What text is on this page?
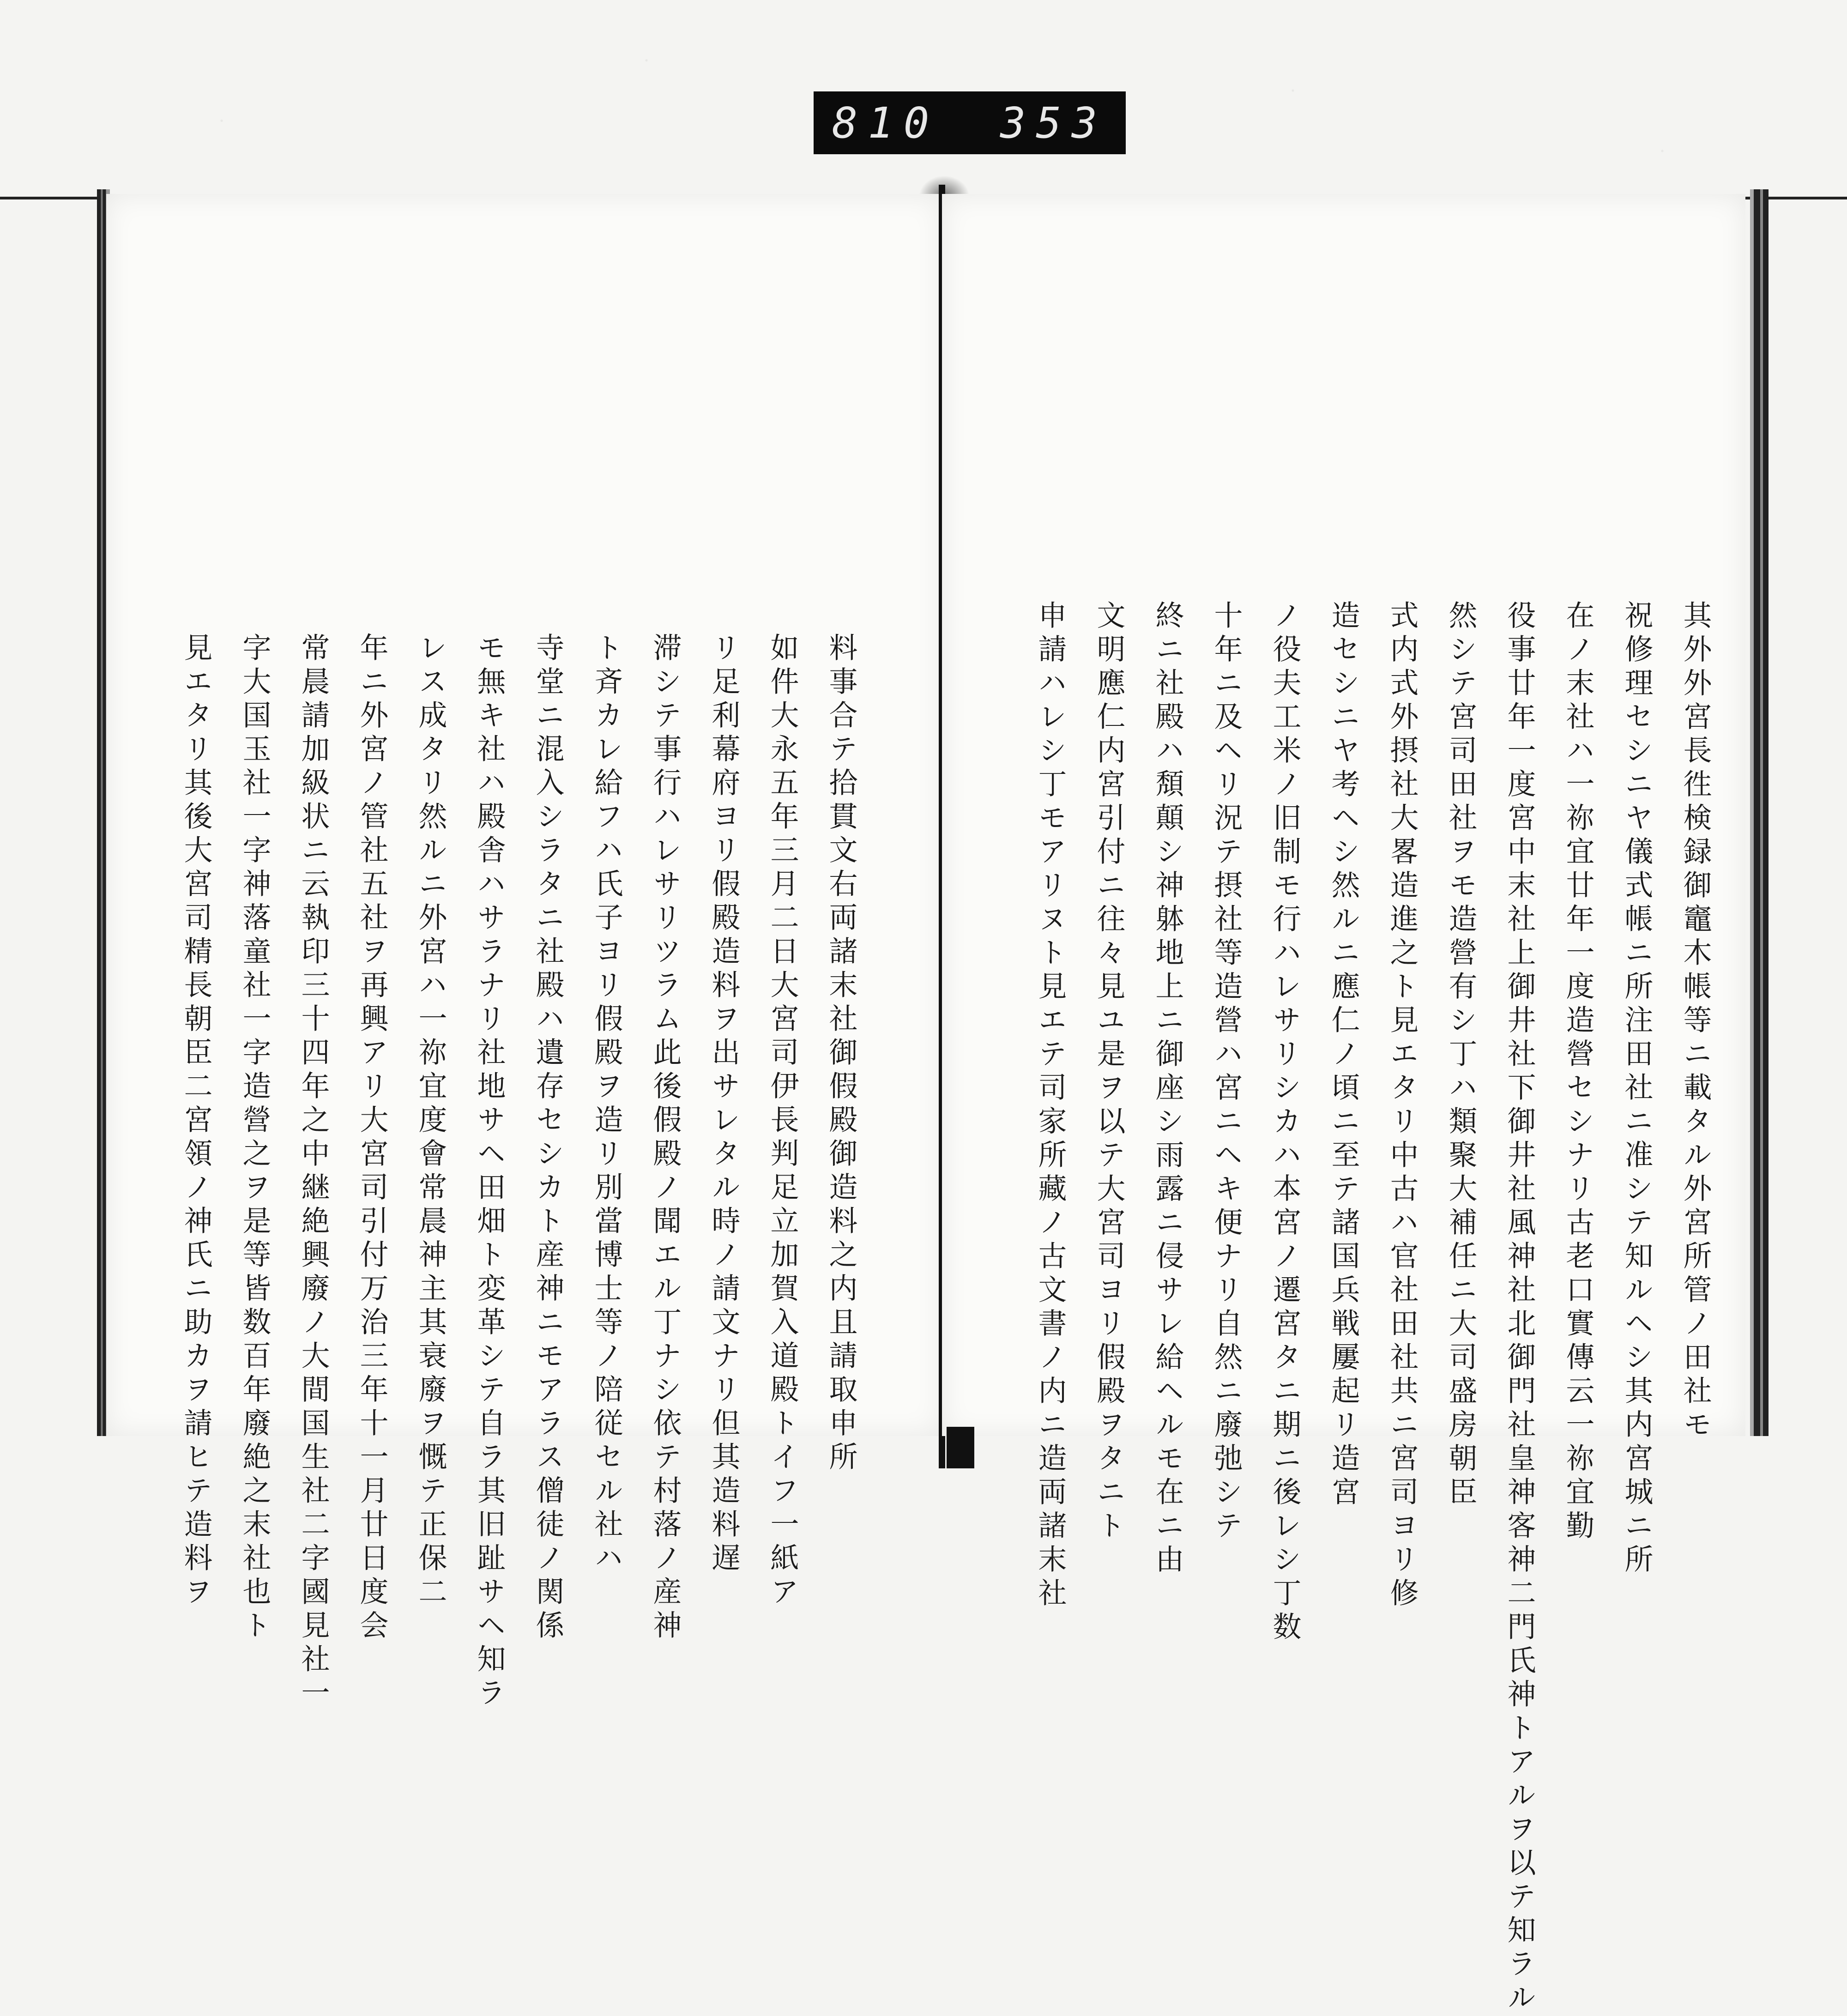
810 353
料事合テ拾貫文右両諸末社御假殿御造料之内且請取申所
如件大永五年三月二日大宮司伊長判足立加賀入道殿トイフ一紙ア
リ足利幕府ヨリ假殿造料ヲ出サレタル時ノ請文ナリ但其造料遅
滞シテ事行ハレサリツラム此後假殿ノ聞エル丁ナシ依テ村落ノ産神
ト斉カレ給フハ氏子ヨリ假殿ヲ造リ別當博士等ノ陪従セル社ハ
寺堂ニ混入シラタニ社殿ハ遺存セシカト産神ニモアラス僧徒ノ関係
モ無キ社ハ殿舎ハサラナリ社地サヘ田畑ト変革シテ自ラ其旧趾サヘ知ラ
レス成タリ然ルニ外宮ハ一祢宜度會常晨神主其衰廢ヲ慨テ正保二
年ニ外宮ノ管社五社ヲ再興アリ大宮司引付万治三年十一月廿日度会
常晨請加級状ニ云執印三十四年之中継絶興廢ノ大間国生社二字國見社一
字大国玉社一字神落童社一字造營之ヲ是等皆数百年廢絶之末社也ト
見エタリ其後大宮司精長朝臣二宮領ノ神氏ニ助カヲ請ヒテ造料ヲ	其外外宮長徃検録御竈木帳等ニ載タル外宮所管ノ田社モ
祝修理セシニヤ儀式帳ニ所注田社ニ准シテ知ルヘシ其内宮城ニ所
在ノ末社ハ一祢宜廿年一度造營セシナリ古老口實傳云一祢宜勤
役事廿年一度宮中末社上御井社下御井社風神社北御門社皇神客神二門氏神トアルヲ以テ知ラル
然シテ宮司田社ヲモ造營有シ丁ハ類聚大補任ニ大司盛房朝臣
式内式外摂社大畧造進之ト見エタリ中古ハ官社田社共ニ宮司ヨリ修
造セシニヤ考ヘシ然ルニ應仁ノ頃ニ至テ諸国兵戦屢起リ造宮
ノ役夫工米ノ旧制モ行ハレサリシカハ本宮ノ遷宮タニ期ニ後レシ丁数
十年ニ及ヘリ況テ摂社等造營ハ宮ニヘキ便ナリ自然ニ廢弛シテ
終ニ社殿ハ頽顛シ神躰地上ニ御座シ雨露ニ侵サレ給ヘルモ在ニ由
文明應仁内宮引付ニ往々見ユ是ヲ以テ大宮司ヨリ假殿ヲタニト
申請ハレシ丁モアリヌト見エテ司家所藏ノ古文書ノ内ニ造両諸末社
